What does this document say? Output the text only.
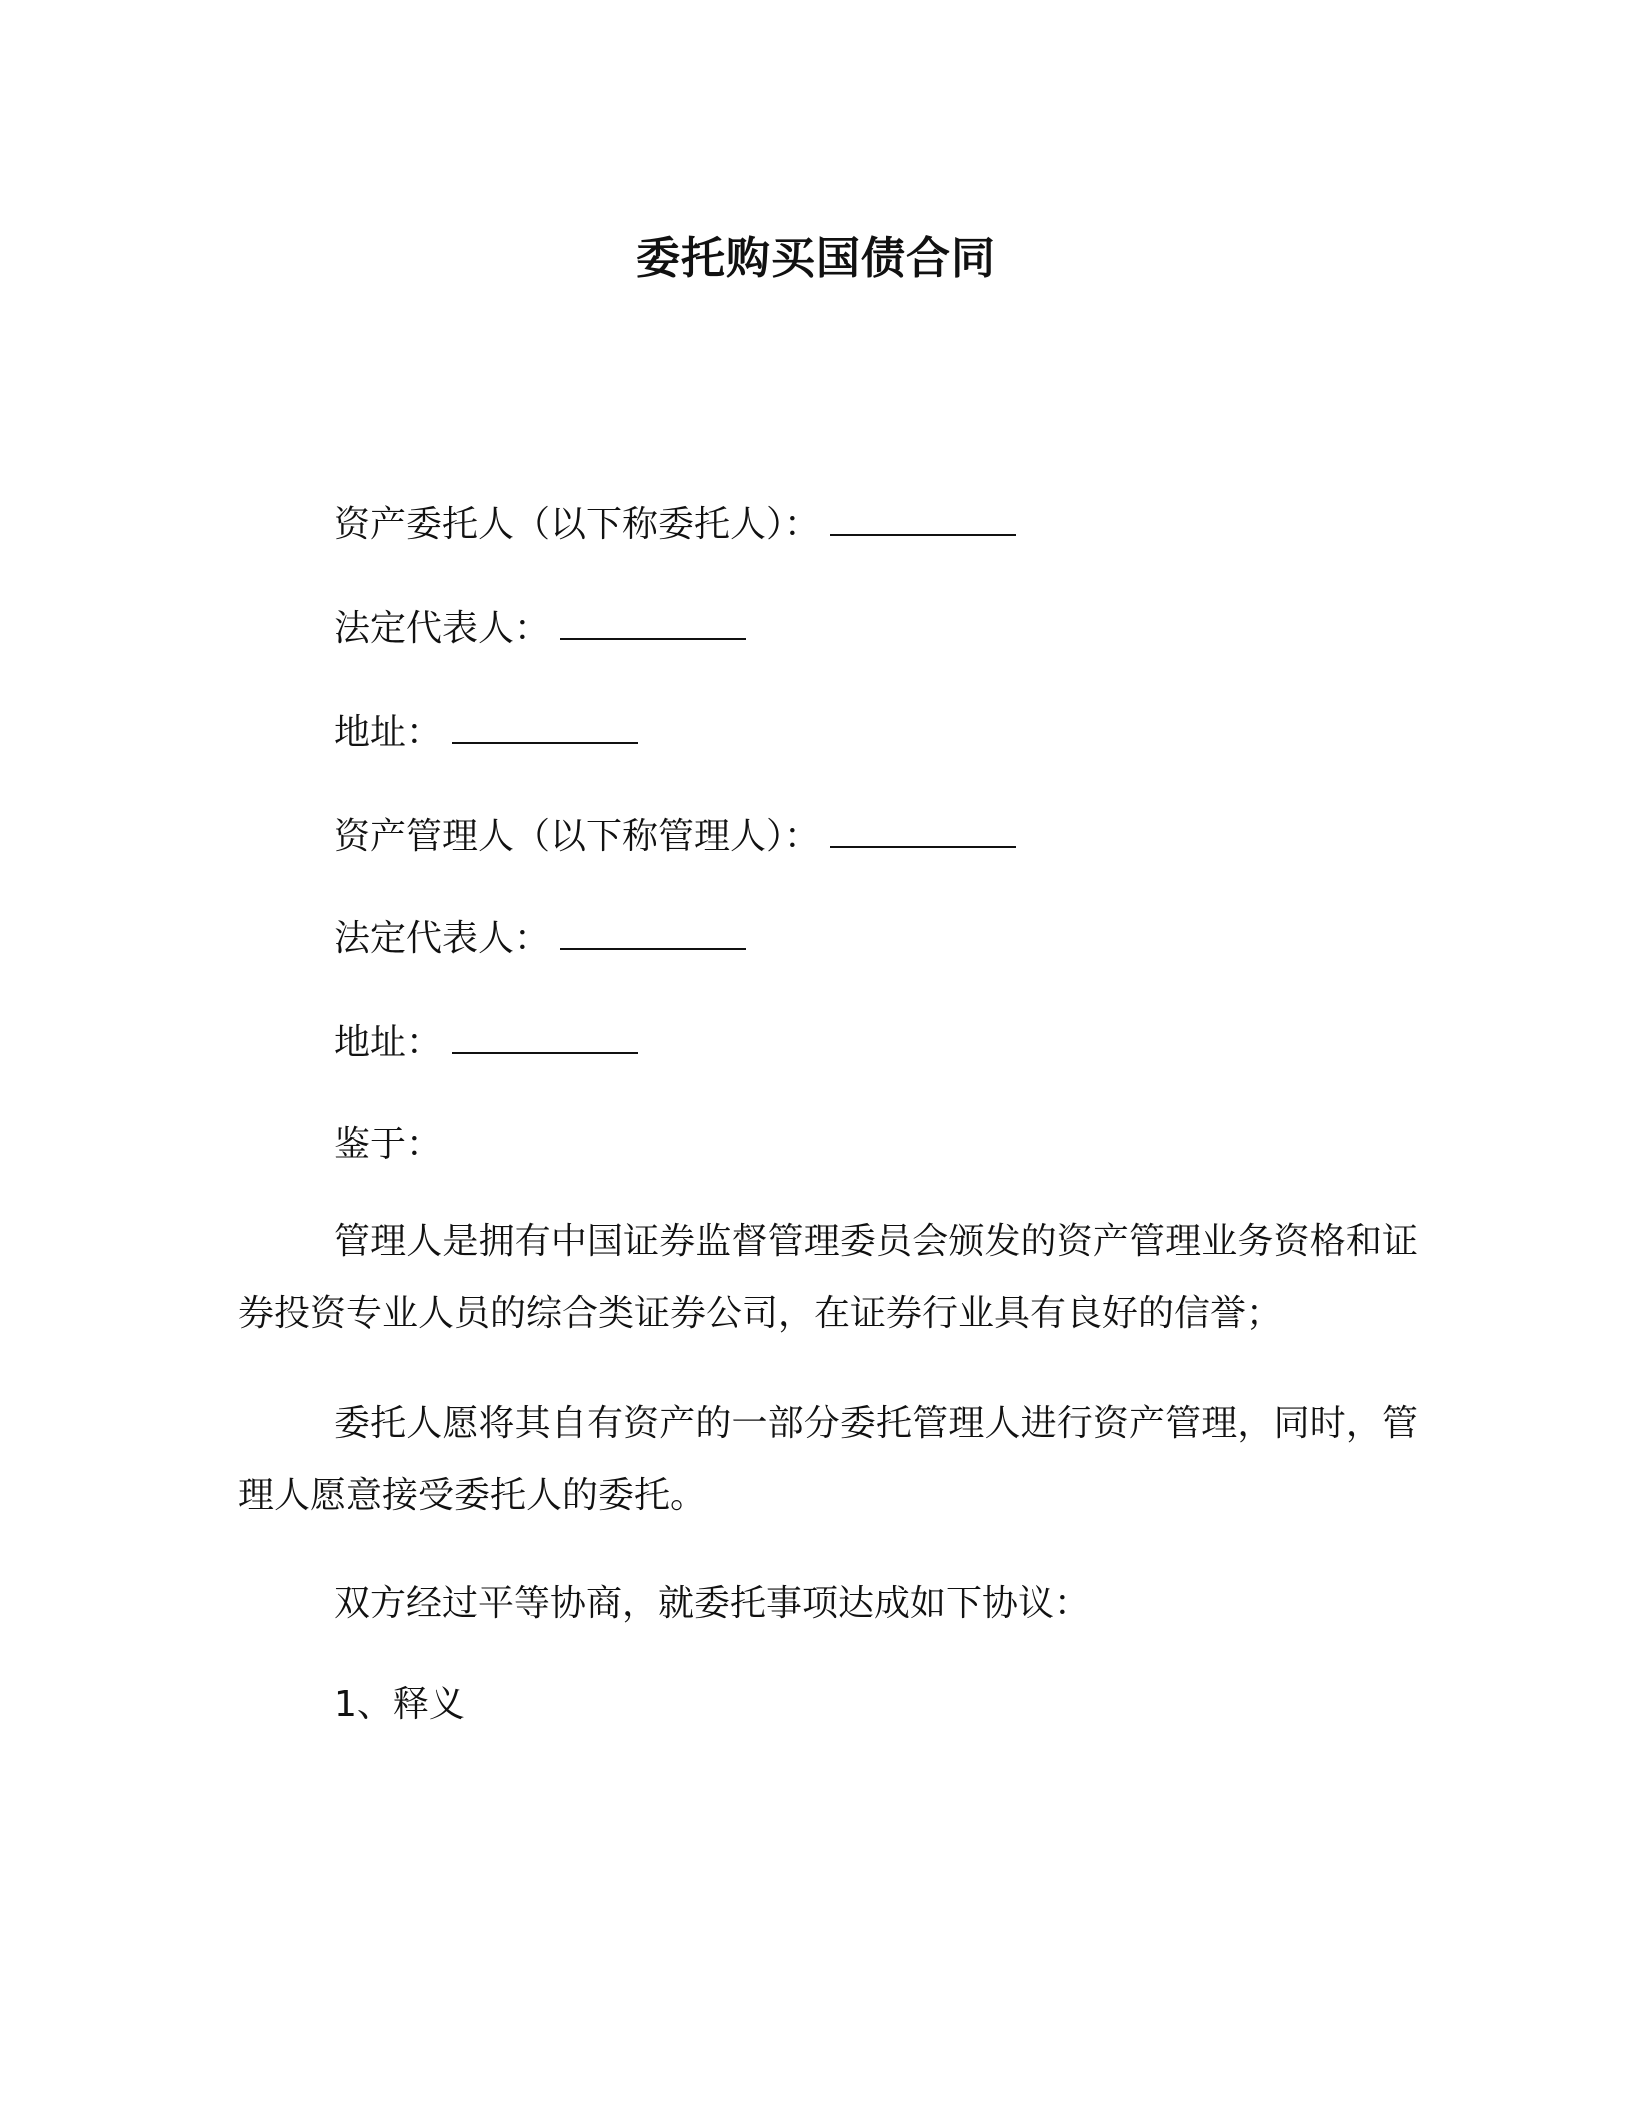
委托购买国债合同
资产委托人（以下称委托人）：
法定代表人：
地址：
资产管理人（以下称管理人）：
法定代表人：
地址：
鉴于：
管理人是拥有中国证券监督管理委员会颁发的资产管理业务资格和证券投资专业人员的综合类证券公司，在证券行业具有良好的信誉；
委托人愿将其自有资产的一部分委托管理人进行资产管理，同时，管理人愿意接受委托人的委托。
双方经过平等协商，就委托事项达成如下协议：
1、释义
